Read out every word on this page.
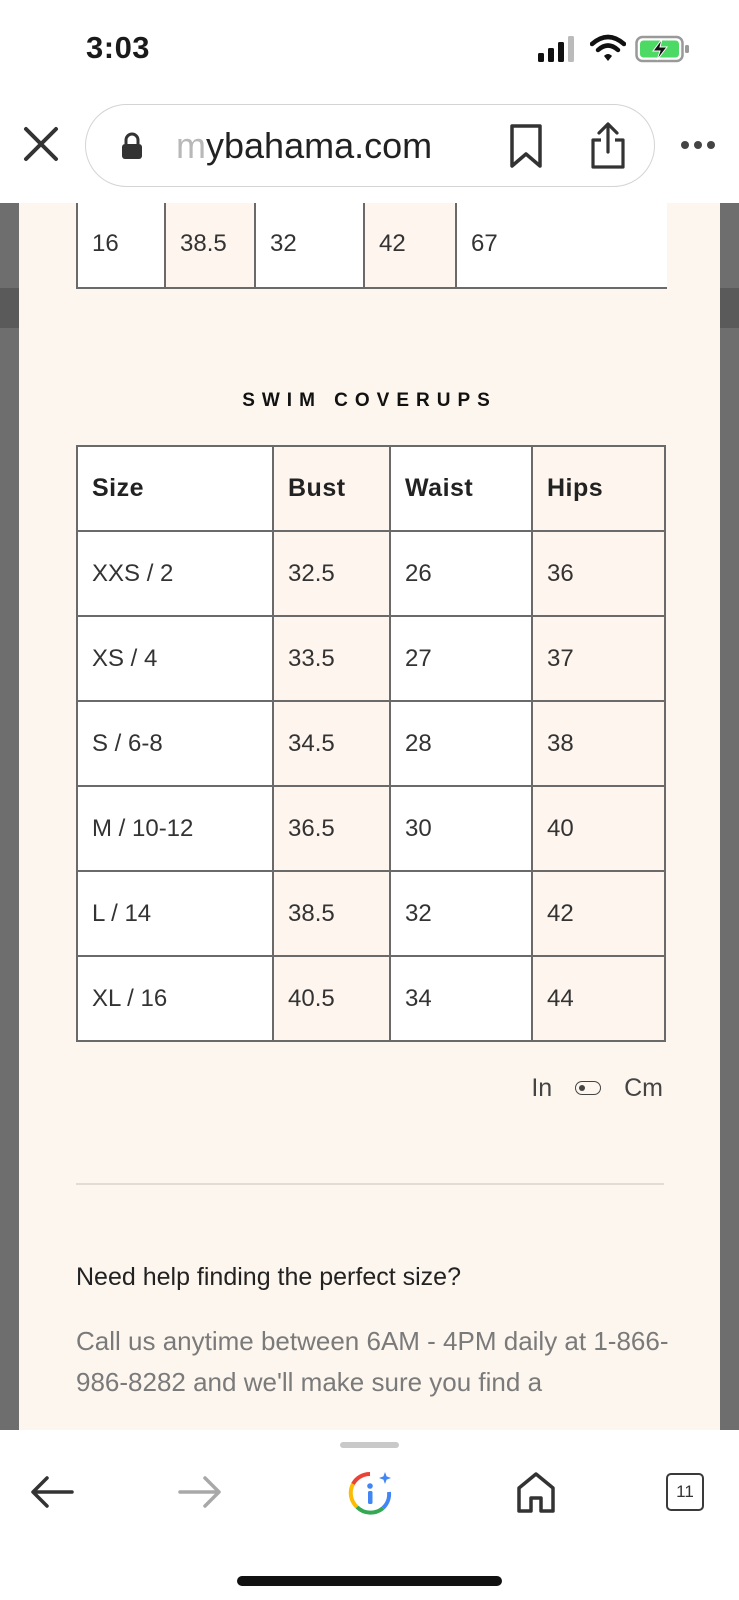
3:03
mybahama.com
16	38.5	32	42	67
SWIM COVERUPS
Size	Bust	Waist	Hips
XXS / 2	32.5	26	36
XS / 4	33.5	27	37
S / 6-8	34.5	28	38
M / 10-12	36.5	30	40
L / 14	38.5	32	42
XL / 16	40.5	34	44
In	Cm
Need help finding the perfect size?
Call us anytime between 6AM - 4PM daily at 1-866-986-8282 and we'll make sure you find a
11
